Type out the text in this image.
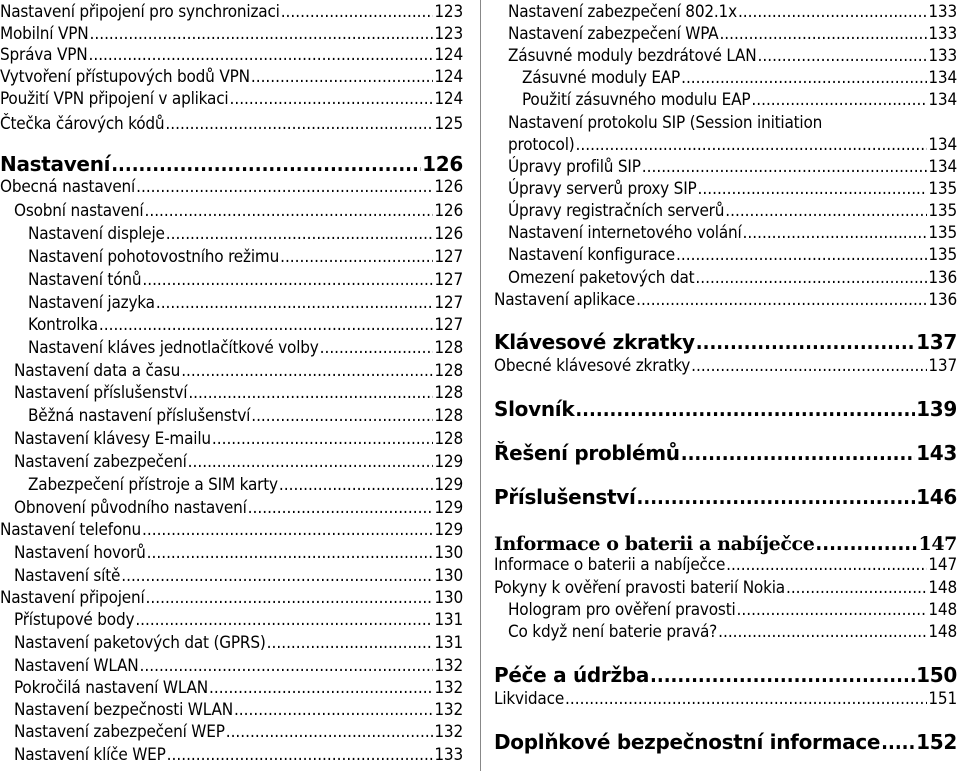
Nastavení připojení pro synchronizaci .....	123
Mobilní VPN .....	123
Správa VPN .....	124
Vytvoření přístupových bodů VPN .....	124
Použití VPN připojení v aplikaci .....	124
Čtečka čárových kódů .....	125
Nastavení .....	126
Obecná nastavení .....	126
Osobní nastavení .....	126
Nastavení displeje .....	126
Nastavení pohotovostního režimu .....	127
Nastavení tónů .....	127
Nastavení jazyka .....	127
Kontrolka .....	127
Nastavení kláves jednotlačítkové volby .....	128
Nastavení data a času .....	128
Nastavení příslušenství .....	128
Běžná nastavení příslušenství .....	128
Nastavení klávesy E-mailu .....	128
Nastavení zabezpečení .....	129
Zabezpečení přístroje a SIM karty .....	129
Obnovení původního nastavení .....	129
Nastavení telefonu .....	129
Nastavení hovorů .....	130
Nastavení sítě .....	130
Nastavení připojení .....	130
Přístupové body .....	131
Nastavení paketových dat (GPRS) .....	131
Nastavení WLAN .....	132
Pokročilá nastavení WLAN .....	132
Nastavení bezpečnosti WLAN .....	132
Nastavení zabezpečení WEP .....	132
Nastavení klíče WEP .....	133
Nastavení zabezpečení 802.1x .....	133
Nastavení zabezpečení WPA .....	133
Zásuvné moduly bezdrátové LAN .....	133
Zásuvné moduly EAP .....	134
Použití zásuvného modulu EAP .....	134
Nastavení protokolu SIP (Session initiation
protocol) .....	134
Úpravy profilů SIP .....	134
Úpravy serverů proxy SIP .....	135
Úpravy registračních serverů .....	135
Nastavení internetového volání .....	135
Nastavení konfigurace .....	135
Omezení paketových dat .....	136
Nastavení aplikace .....	136
Klávesové zkratky .....	137
Obecné klávesové zkratky .....	137
Slovník .....	139
Řešení problémů .....	143
Příslušenství .....	146
Informace o baterii a nabíječce .....	147
Informace o baterii a nabíječce .....	147
Pokyny k ověření pravosti baterií Nokia .....	148
Hologram pro ověření pravosti .....	148
Co když není baterie pravá? .....	148
Péče a údržba .....	150
Likvidace .....	151
Doplňkové bezpečnostní informace ..... 152
